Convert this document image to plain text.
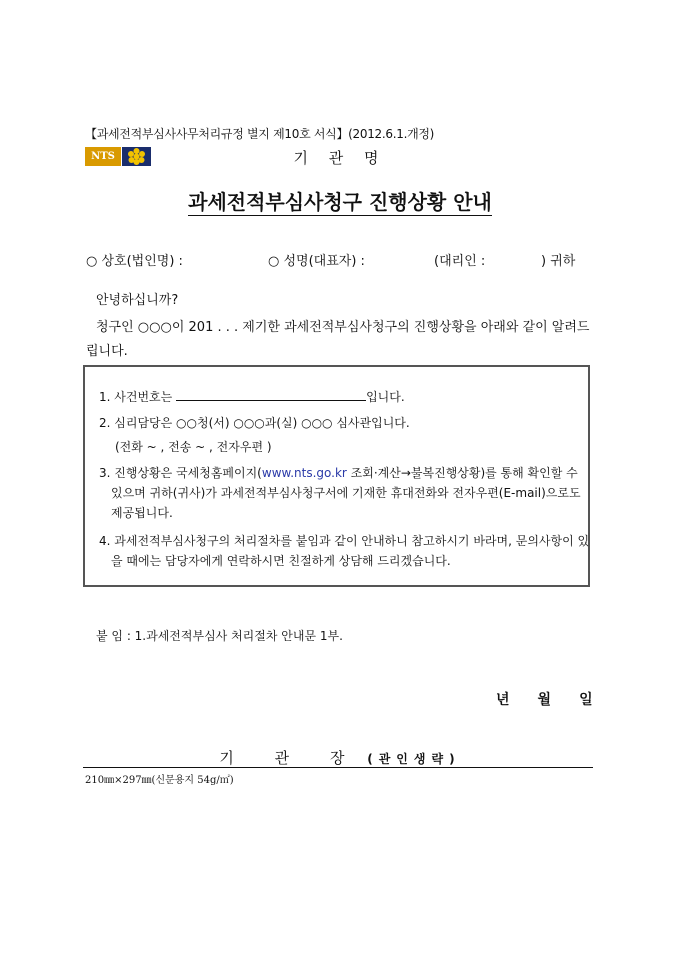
【과세전적부심사사무처리규정 별지 제10호 서식】(2012.6.1.개정)
NTS	기 관 명
과세전적부심사청구 진행상황 안내
○ 상호(법인명) :	○ 성명(대표자) :	(대리인 :	) 귀하
안녕하십니까?
청구인 ○○○이 201 . . . 제기한 과세전적부심사청구의 진행상황을 아래와 같이 알려드립니다.
1. 사건번호는	입니다.
2. 심리담당은 ○○청(서) ○○○과(실) ○○○ 심사관입니다.
(전화 ~ , 전송 ~ , 전자우편 )
3. 진행상황은 국세청홈페이지(www.nts.go.kr 조회·계산→불복진행상황)를 통해 확인할 수 있으며 귀하(귀사)가 과세전적부심사청구서에 기재한 휴대전화와 전자우편(E-mail)으로도 제공됩니다.
4. 과세전적부심사청구의 처리절차를 붙임과 같이 안내하니 참고하시기 바라며, 문의사항이 있을 때에는 담당자에게 연락하시면 친절하게 상담해 드리겠습니다.
붙 임 : 1.과세전적부심사 처리절차 안내문 1부.
년 월 일
기 관 장 (관인생략)
210㎜×297㎜(신문용지 54g/㎡)
